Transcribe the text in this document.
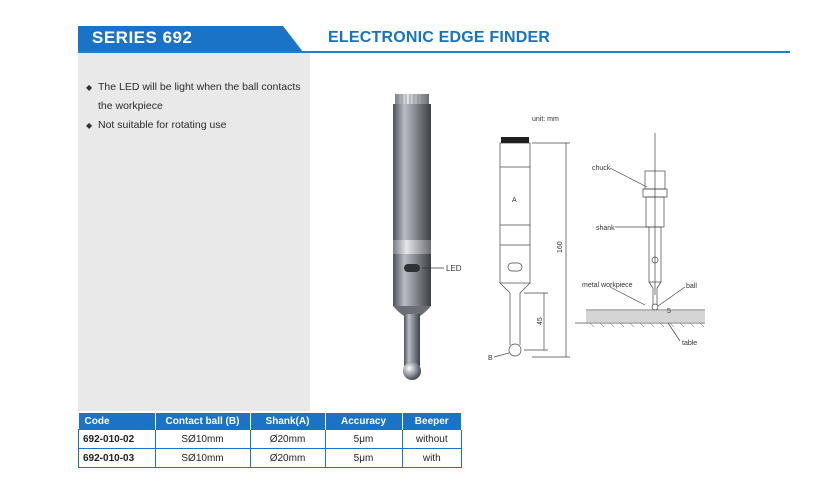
SERIES 692	ELECTRONIC EDGE FINDER
◆ The LED will be light when the ball contacts
the workpiece
◆ Not suitable for rotating use
LED
unit: mm
A
160
45
B
chuck
shank
metal workpiece	ball
5
table
Code	Contact ball (B)	Shank(A)	Accuracy	Beeper
692-010-02	SØ10mm	Ø20mm	5μm	without
692-010-03	SØ10mm	Ø20mm	5μm	with
